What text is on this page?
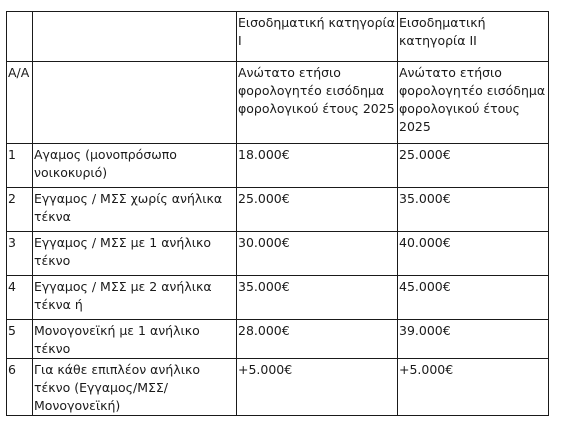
		Εισοδηματική κατηγορία Ι	Εισοδηματική κατηγορία ΙΙ
Α/Α		Ανώτατο ετήσιο φορολογητέο εισόδημα φορολογικού έτους 2025	Ανώτατο ετήσιο φορολογητέο εισόδημα φορολογικού έτους 2025
1	Αγαμος (μονοπρόσωπο νοικοκυριό)	18.000€	25.000€
2	Εγγαμος / ΜΣΣ χωρίς ανήλικα τέκνα	25.000€	35.000€
3	Εγγαμος / ΜΣΣ με 1 ανήλικο τέκνο	30.000€	40.000€
4	Εγγαμος / ΜΣΣ με 2 ανήλικα τέκνα ή	35.000€	45.000€
5	Μονογονεϊκή με 1 ανήλικο τέκνο	28.000€	39.000€
6	Για κάθε επιπλέον ανήλικο τέκνο (Εγγαμος/ΜΣΣ/Μονογονεϊκή)	+5.000€	+5.000€
